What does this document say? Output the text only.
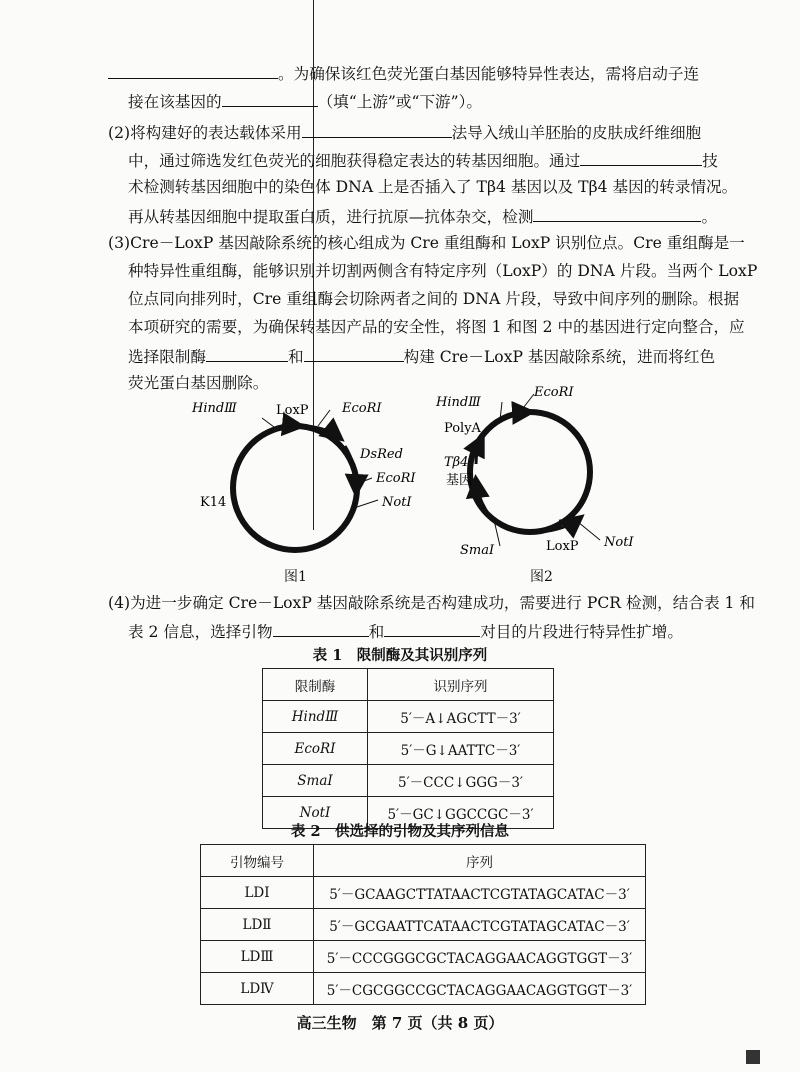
。为确保该红色荧光蛋白基因能够特异性表达，需将启动子连
接在该基因的	（填“上游”或“下游”）。
(2)将构建好的表达载体采用	法导入绒山羊胚胎的皮肤成纤维细胞
中，通过筛选发红色荧光的细胞获得稳定表达的转基因细胞。通过	技
术检测转基因细胞中的染色体 DNA 上是否插入了 Tβ4 基因以及 Tβ4 基因的转录情况。
再从转基因细胞中提取蛋白质，进行抗原—抗体杂交，检测	。
(3)Cre－LoxP 基因敲除系统的核心组成为 Cre 重组酶和 LoxP 识别位点。Cre 重组酶是一
种特异性重组酶，能够识别并切割两侧含有特定序列（LoxP）的 DNA 片段。当两个 LoxP
位点同向排列时，Cre 重组酶会切除两者之间的 DNA 片段，导致中间序列的删除。根据
本项研究的需要，为确保转基因产品的安全性，将图 1 和图 2 中的基因进行定向整合，应
选择限制酶	和	构建 Cre－LoxP 基因敲除系统，进而将红色
荧光蛋白基因删除。
HindⅢ	LoxP	EcoRⅠ
DsRed
EcoRⅠ
NotⅠ
K14
HindⅢ
EcoRⅠ
PolyA
Tβ4
基因
SmaⅠ	LoxP NotⅠ
图1	图2
(4)为进一步确定 Cre－LoxP 基因敲除系统是否构建成功，需要进行 PCR 检测，结合表 1 和
表 2 信息，选择引物	和	对目的片段进行特异性扩增。
表 1　限制酶及其识别序列
限制酶	识别序列
HindⅢ	5′－A↓AGCTT－3′
EcoRⅠ	5′－G↓AATTC－3′
SmaⅠ	5′－CCC↓GGG－3′
NotⅠ	5′－GC↓GGCCGC－3′
表 2　供选择的引物及其序列信息
引物编号	序列
LDⅠ	5′－GCAAGCTTATAACTCGTATAGCATAC－3′
LDⅡ	5′－GCGAATTCATAACTCGTATAGCATAC－3′
LDⅢ	5′－CCCGGGCGCTACAGGAACAGGTGGT－3′
LDⅣ	5′－CGCGGCCGCTACAGGAACAGGTGGT－3′
高三生物　第 7 页（共 8 页）
